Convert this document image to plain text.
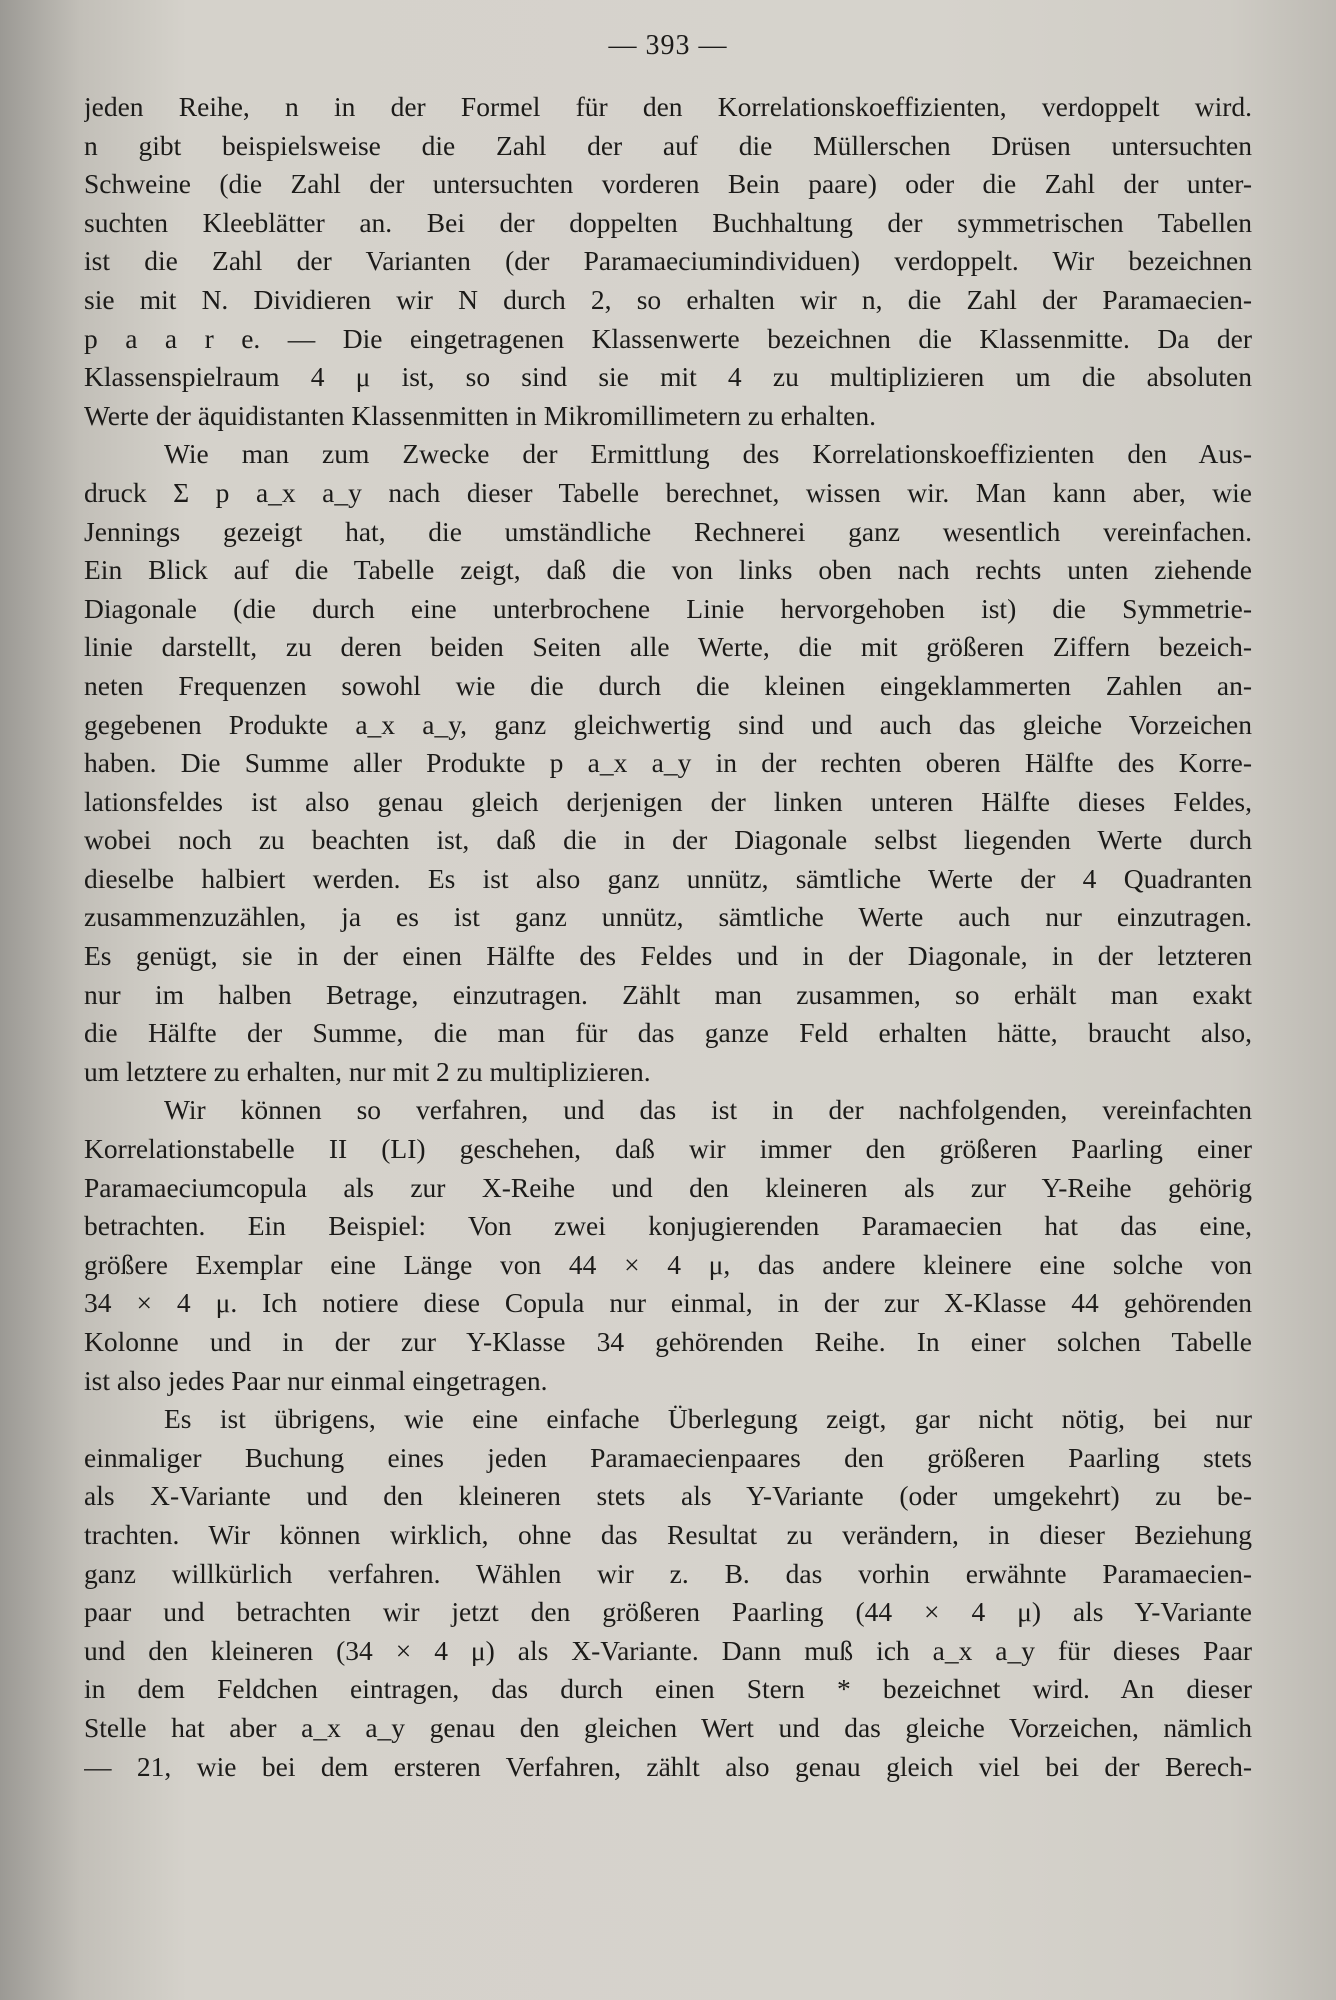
— 393 —
jeden Reihe, n in der Formel für den Korrelationskoeffizienten, verdoppelt wird.
n gibt beispielsweise die Zahl der auf die Müllerschen Drüsen untersuchten
Schweine (die Zahl der untersuchten vorderen Bein paare) oder die Zahl der unter-
suchten Kleeblätter an. Bei der doppelten Buchhaltung der symmetrischen Tabellen
ist die Zahl der Varianten (der Paramaeciumindividuen) verdoppelt. Wir bezeichnen
sie mit N. Dividieren wir N durch 2, so erhalten wir n, die Zahl der Paramaecien-
p a a r e. — Die eingetragenen Klassenwerte bezeichnen die Klassenmitte. Da der
Klassenspielraum 4 μ ist, so sind sie mit 4 zu multiplizieren um die absoluten
Werte der äquidistanten Klassenmitten in Mikromillimetern zu erhalten.
Wie man zum Zwecke der Ermittlung des Korrelationskoeffizienten den Aus-
druck Σ p a_x a_y nach dieser Tabelle berechnet, wissen wir. Man kann aber, wie
Jennings gezeigt hat, die umständliche Rechnerei ganz wesentlich vereinfachen.
Ein Blick auf die Tabelle zeigt, daß die von links oben nach rechts unten ziehende
Diagonale (die durch eine unterbrochene Linie hervorgehoben ist) die Symmetrie-
linie darstellt, zu deren beiden Seiten alle Werte, die mit größeren Ziffern bezeich-
neten Frequenzen sowohl wie die durch die kleinen eingeklammerten Zahlen an-
gegebenen Produkte a_x a_y, ganz gleichwertig sind und auch das gleiche Vorzeichen
haben. Die Summe aller Produkte p a_x a_y in der rechten oberen Hälfte des Korre-
lationsfeldes ist also genau gleich derjenigen der linken unteren Hälfte dieses Feldes,
wobei noch zu beachten ist, daß die in der Diagonale selbst liegenden Werte durch
dieselbe halbiert werden. Es ist also ganz unnütz, sämtliche Werte der 4 Quadranten
zusammenzuzählen, ja es ist ganz unnütz, sämtliche Werte auch nur einzutragen.
Es genügt, sie in der einen Hälfte des Feldes und in der Diagonale, in der letzteren
nur im halben Betrage, einzutragen. Zählt man zusammen, so erhält man exakt
die Hälfte der Summe, die man für das ganze Feld erhalten hätte, braucht also,
um letztere zu erhalten, nur mit 2 zu multiplizieren.
Wir können so verfahren, und das ist in der nachfolgenden, vereinfachten
Korrelationstabelle II (LI) geschehen, daß wir immer den größeren Paarling einer
Paramaeciumcopula als zur X-Reihe und den kleineren als zur Y-Reihe gehörig
betrachten. Ein Beispiel: Von zwei konjugierenden Paramaecien hat das eine,
größere Exemplar eine Länge von 44 × 4 μ, das andere kleinere eine solche von
34 × 4 μ. Ich notiere diese Copula nur einmal, in der zur X-Klasse 44 gehörenden
Kolonne und in der zur Y-Klasse 34 gehörenden Reihe. In einer solchen Tabelle
ist also jedes Paar nur einmal eingetragen.
Es ist übrigens, wie eine einfache Überlegung zeigt, gar nicht nötig, bei nur
einmaliger Buchung eines jeden Paramaecienpaares den größeren Paarling stets
als X-Variante und den kleineren stets als Y-Variante (oder umgekehrt) zu be-
trachten. Wir können wirklich, ohne das Resultat zu verändern, in dieser Beziehung
ganz willkürlich verfahren. Wählen wir z. B. das vorhin erwähnte Paramaecien-
paar und betrachten wir jetzt den größeren Paarling (44 × 4 μ) als Y-Variante
und den kleineren (34 × 4 μ) als X-Variante. Dann muß ich a_x a_y für dieses Paar
in dem Feldchen eintragen, das durch einen Stern * bezeichnet wird. An dieser
Stelle hat aber a_x a_y genau den gleichen Wert und das gleiche Vorzeichen, nämlich
— 21, wie bei dem ersteren Verfahren, zählt also genau gleich viel bei der Berech-
